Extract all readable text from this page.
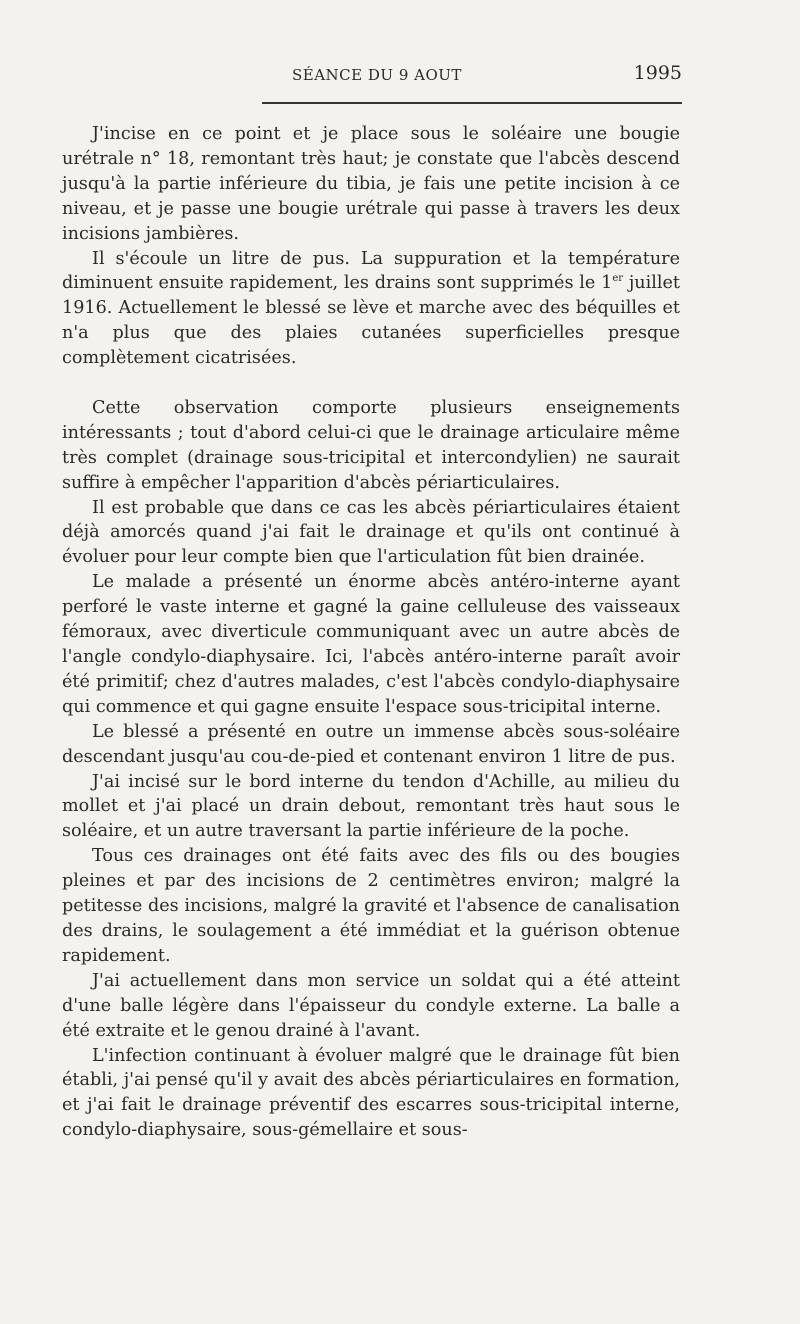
SÉANCE DU 9 AOUT	1995

J'incise en ce point et je place sous le soléaire une bougie urétrale n° 18, remontant très haut; je constate que l'abcès descend jusqu'à la partie inférieure du tibia, je fais une petite incision à ce niveau, et je passe une bougie urétrale qui passe à travers les deux incisions jambières.

Il s'écoule un litre de pus. La suppuration et la température diminuent ensuite rapidement, les drains sont supprimés le 1er juillet 1916. Actuellement le blessé se lève et marche avec des béquilles et n'a plus que des plaies cutanées superficielles presque complètement cicatrisées.

Cette observation comporte plusieurs enseignements intéressants ; tout d'abord celui-ci que le drainage articulaire même très complet (drainage sous-tricipital et intercondylien) ne saurait suffire à empêcher l'apparition d'abcès périarticulaires.

Il est probable que dans ce cas les abcès périarticulaires étaient déjà amorcés quand j'ai fait le drainage et qu'ils ont continué à évoluer pour leur compte bien que l'articulation fût bien drainée.

Le malade a présenté un énorme abcès antéro-interne ayant perforé le vaste interne et gagné la gaine celluleuse des vaisseaux fémoraux, avec diverticule communiquant avec un autre abcès de l'angle condylo-diaphysaire. Ici, l'abcès antéro-interne paraît avoir été primitif; chez d'autres malades, c'est l'abcès condylo-diaphysaire qui commence et qui gagne ensuite l'espace sous-tricipital interne.

Le blessé a présenté en outre un immense abcès sous-soléaire descendant jusqu'au cou-de-pied et contenant environ 1 litre de pus.

J'ai incisé sur le bord interne du tendon d'Achille, au milieu du mollet et j'ai placé un drain debout, remontant très haut sous le soléaire, et un autre traversant la partie inférieure de la poche.

Tous ces drainages ont été faits avec des fils ou des bougies pleines et par des incisions de 2 centimètres environ; malgré la petitesse des incisions, malgré la gravité et l'absence de canalisation des drains, le soulagement a été immédiat et la guérison obtenue rapidement.

J'ai actuellement dans mon service un soldat qui a été atteint d'une balle légère dans l'épaisseur du condyle externe. La balle a été extraite et le genou drainé à l'avant.

L'infection continuant à évoluer malgré que le drainage fût bien établi, j'ai pensé qu'il y avait des abcès périarticulaires en formation, et j'ai fait le drainage préventif des escarres sous-tricipital interne, condylo-diaphysaire, sous-gémellaire et sous-
